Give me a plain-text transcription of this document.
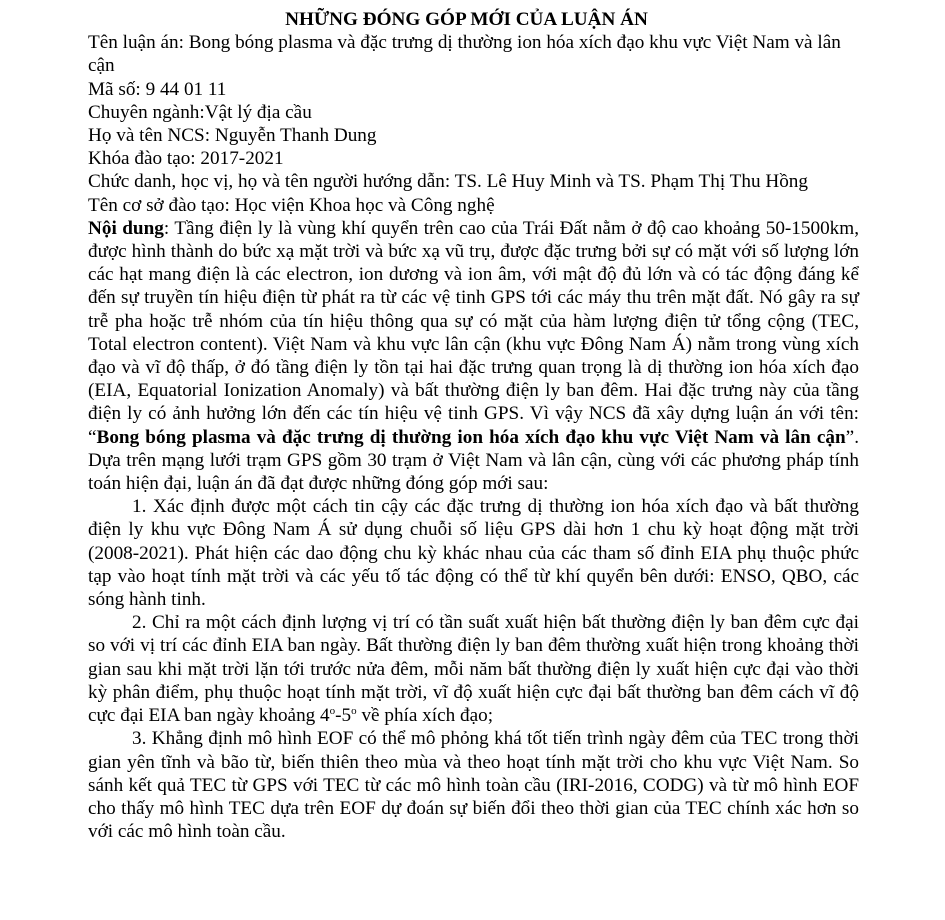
NHỮNG ĐÓNG GÓP MỚI CỦA LUẬN ÁN

Tên luận án: Bong bóng plasma và đặc trưng dị thường ion hóa xích đạo khu vực Việt Nam và lân cận

Mã số: 9 44 01 11

Chuyên ngành:Vật lý địa cầu

Họ và tên NCS: Nguyễn Thanh Dung

Khóa đào tạo: 2017-2021

Chức danh, học vị, họ và tên người hướng dẫn: TS. Lê Huy Minh và TS. Phạm Thị Thu Hồng

Tên cơ sở đào tạo: Học viện Khoa học và Công nghệ

Nội dung: Tầng điện ly là vùng khí quyển trên cao của Trái Đất nằm ở độ cao khoảng 50-1500km, được hình thành do bức xạ mặt trời và bức xạ vũ trụ, được đặc trưng bởi sự có mặt với số lượng lớn các hạt mang điện là các electron, ion dương và ion âm, với mật độ đủ lớn và có tác động đáng kể đến sự truyền tín hiệu điện từ phát ra từ các vệ tinh GPS tới các máy thu trên mặt đất. Nó gây ra sự trễ pha hoặc trễ nhóm của tín hiệu thông qua sự có mặt của hàm lượng điện tử tổng cộng (TEC, Total electron content). Việt Nam và khu vực lân cận (khu vực Đông Nam Á) nằm trong vùng xích đạo và vĩ độ thấp, ở đó tầng điện ly tồn tại hai đặc trưng quan trọng là dị thường ion hóa xích đạo (EIA, Equatorial Ionization Anomaly) và bất thường điện ly ban đêm. Hai đặc trưng này của tầng điện ly có ảnh hưởng lớn đến các tín hiệu vệ tinh GPS. Vì vậy NCS đã xây dựng luận án với tên: “Bong bóng plasma và đặc trưng dị thường ion hóa xích đạo khu vực Việt Nam và lân cận”. Dựa trên mạng lưới trạm GPS gồm 30 trạm ở Việt Nam và lân cận, cùng với các phương pháp tính toán hiện đại, luận án đã đạt được những đóng góp mới sau:

1. Xác định được một cách tin cậy các đặc trưng dị thường ion hóa xích đạo và bất thường điện ly khu vực Đông Nam Á sử dụng chuỗi số liệu GPS dài hơn 1 chu kỳ hoạt động mặt trời (2008-2021). Phát hiện các dao động chu kỳ khác nhau của các tham số đỉnh EIA phụ thuộc phức tạp vào hoạt tính mặt trời và các yếu tố tác động có thể từ khí quyển bên dưới: ENSO, QBO, các sóng hành tinh.

2. Chỉ ra một cách định lượng vị trí có tần suất xuất hiện bất thường điện ly ban đêm cực đại so với vị trí các đỉnh EIA ban ngày. Bất thường điện ly ban đêm thường xuất hiện trong khoảng thời gian sau khi mặt trời lặn tới trước nửa đêm, mỗi năm bất thường điện ly xuất hiện cực đại vào thời kỳ phân điểm, phụ thuộc hoạt tính mặt trời, vĩ độ xuất hiện cực đại bất thường ban đêm cách vĩ độ cực đại EIA ban ngày khoảng 4$^o$-5$^o$ về phía xích đạo;

3. Khẳng định mô hình EOF có thể mô phỏng khá tốt tiến trình ngày đêm của TEC trong thời gian yên tĩnh và bão từ, biến thiên theo mùa và theo hoạt tính mặt trời cho khu vực Việt Nam. So sánh kết quả TEC từ GPS với TEC từ các mô hình toàn cầu (IRI-2016, CODG) và từ mô hình EOF cho thấy mô hình TEC dựa trên EOF dự đoán sự biến đổi theo thời gian của TEC chính xác hơn so với các mô hình toàn cầu.
